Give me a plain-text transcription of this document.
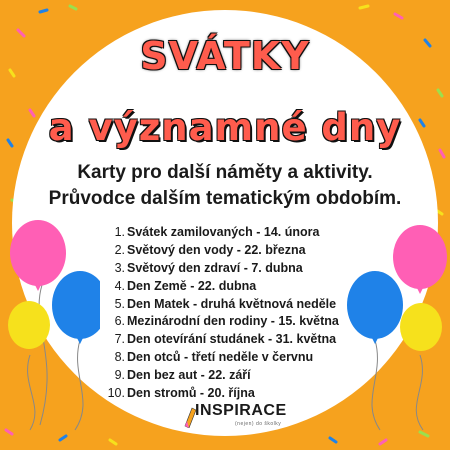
SVÁTKY
a významné dny
Karty pro další náměty a aktivity.
Průvodce dalším tematickým obdobím.
1. Svátek zamilovaných - 14. února
2. Světový den vody - 22. března
3. Světový den zdraví - 7. dubna
4. Den Země - 22. dubna
5. Den Matek - druhá květnová neděle
6. Mezinárodní den rodiny - 15. května
7. Den otevírání studánek - 31. května
8. Den otců - třetí neděle v červnu
9. Den bez aut - 22. září
10. Den stromů - 20. října
INSPIRACE
(nejen) do školky
